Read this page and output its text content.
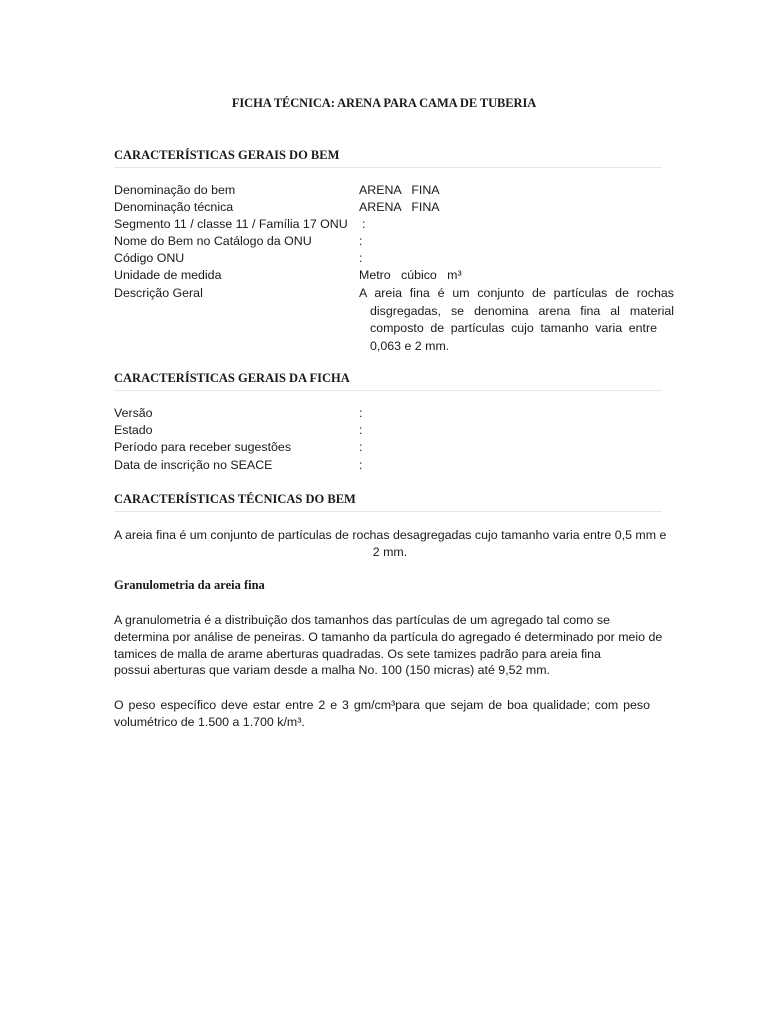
FICHA TÉCNICA: ARENA PARA CAMA DE TUBERIA
CARACTERÍSTICAS GERAIS DO BEM
Denominação do bem	ARENA   FINA
Denominação técnica	ARENA   FINA
Segmento 11 / classe 11 / Família 17 ONU :
Nome do Bem no Catálogo da ONU	:
Código ONU	:
Unidade de medida	Metro   cúbico   m³
Descrição Geral	A areia fina é um conjunto de partículas de rochas
disgregadas, se denomina arena fina al material
composto de partículas cujo tamanho varia entre
0,063 e 2 mm.
CARACTERÍSTICAS GERAIS DA FICHA
Versão	:
Estado	:
Período para receber sugestões	:
Data de inscrição no SEACE	:
CARACTERÍSTICAS TÉCNICAS DO BEM
A areia fina é um conjunto de partículas de rochas desagregadas cujo tamanho varia entre 0,5 mm e
2 mm.
Granulometria da areia fina
A granulometria é a distribuição dos tamanhos das partículas de um agregado tal como se
determina por análise de peneiras. O tamanho da partícula do agregado é determinado por meio de
tamices de malla de arame aberturas quadradas. Os sete tamizes padrão para areia fina
possui aberturas que variam desde a malha No. 100 (150 micras) até 9,52 mm.
O peso específico deve estar entre 2 e 3 gm/cm³para que sejam de boa qualidade; com peso
volumétrico de 1.500 a 1.700 k/m³.
